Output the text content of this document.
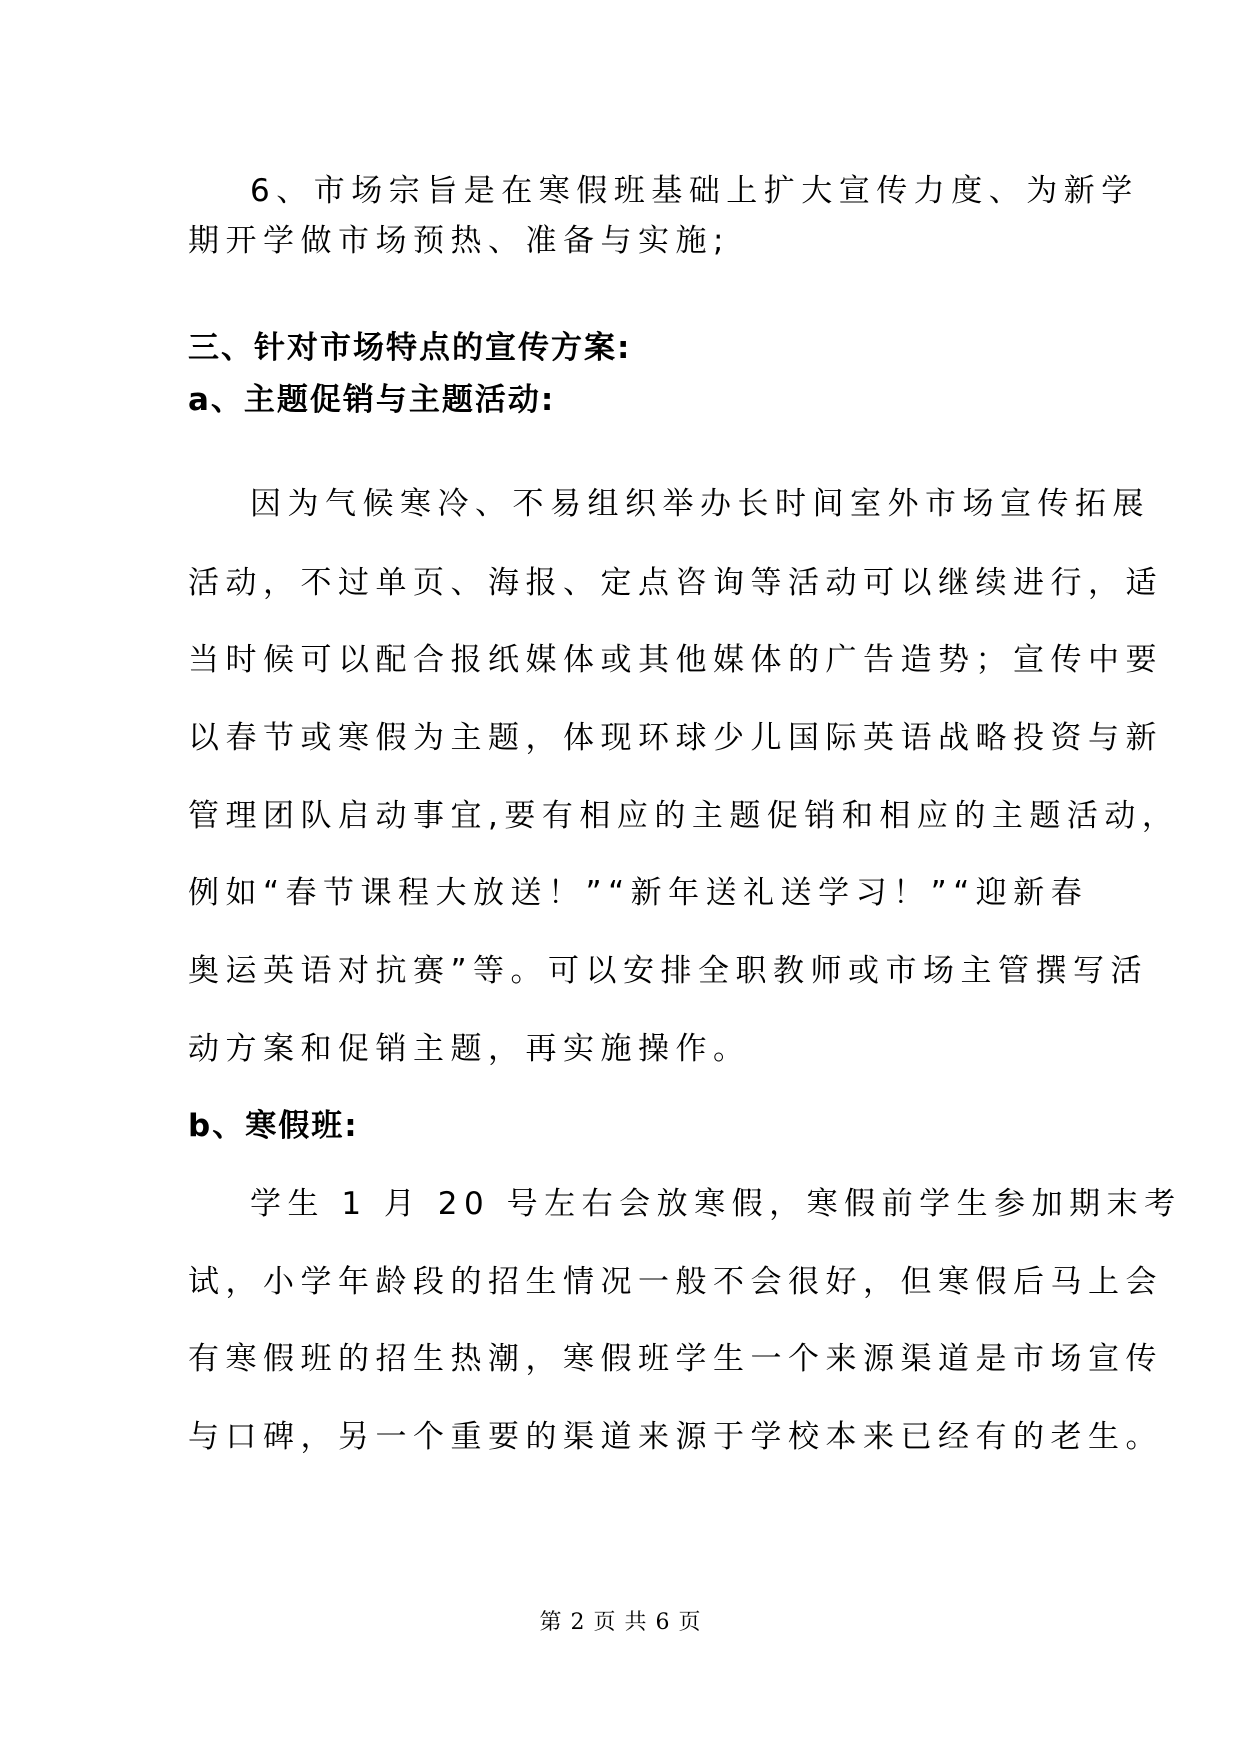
6、市场宗旨是在寒假班基础上扩大宣传力度、为新学

期开学做市场预热、准备与实施;

三、针对市场特点的宣传方案:

a、主题促销与主题活动:

因为气候寒冷、不易组织举办长时间室外市场宣传拓展

活动，不过单页、海报、定点咨询等活动可以继续进行，适

当时候可以配合报纸媒体或其他媒体的广告造势；宣传中要

以春节或寒假为主题，体现环球少儿国际英语战略投资与新

管理团队启动事宜,要有相应的主题促销和相应的主题活动，

例如“春节课程大放送！”“新年送礼送学习！”“迎新春

奥运英语对抗赛”等。可以安排全职教师或市场主管撰写活

动方案和促销主题，再实施操作。

b、寒假班:

学生 1 月 20 号左右会放寒假，寒假前学生参加期末考

试，小学年龄段的招生情况一般不会很好，但寒假后马上会

有寒假班的招生热潮，寒假班学生一个来源渠道是市场宣传

与口碑，另一个重要的渠道来源于学校本来已经有的老生。

第 2 页 共 6 页
